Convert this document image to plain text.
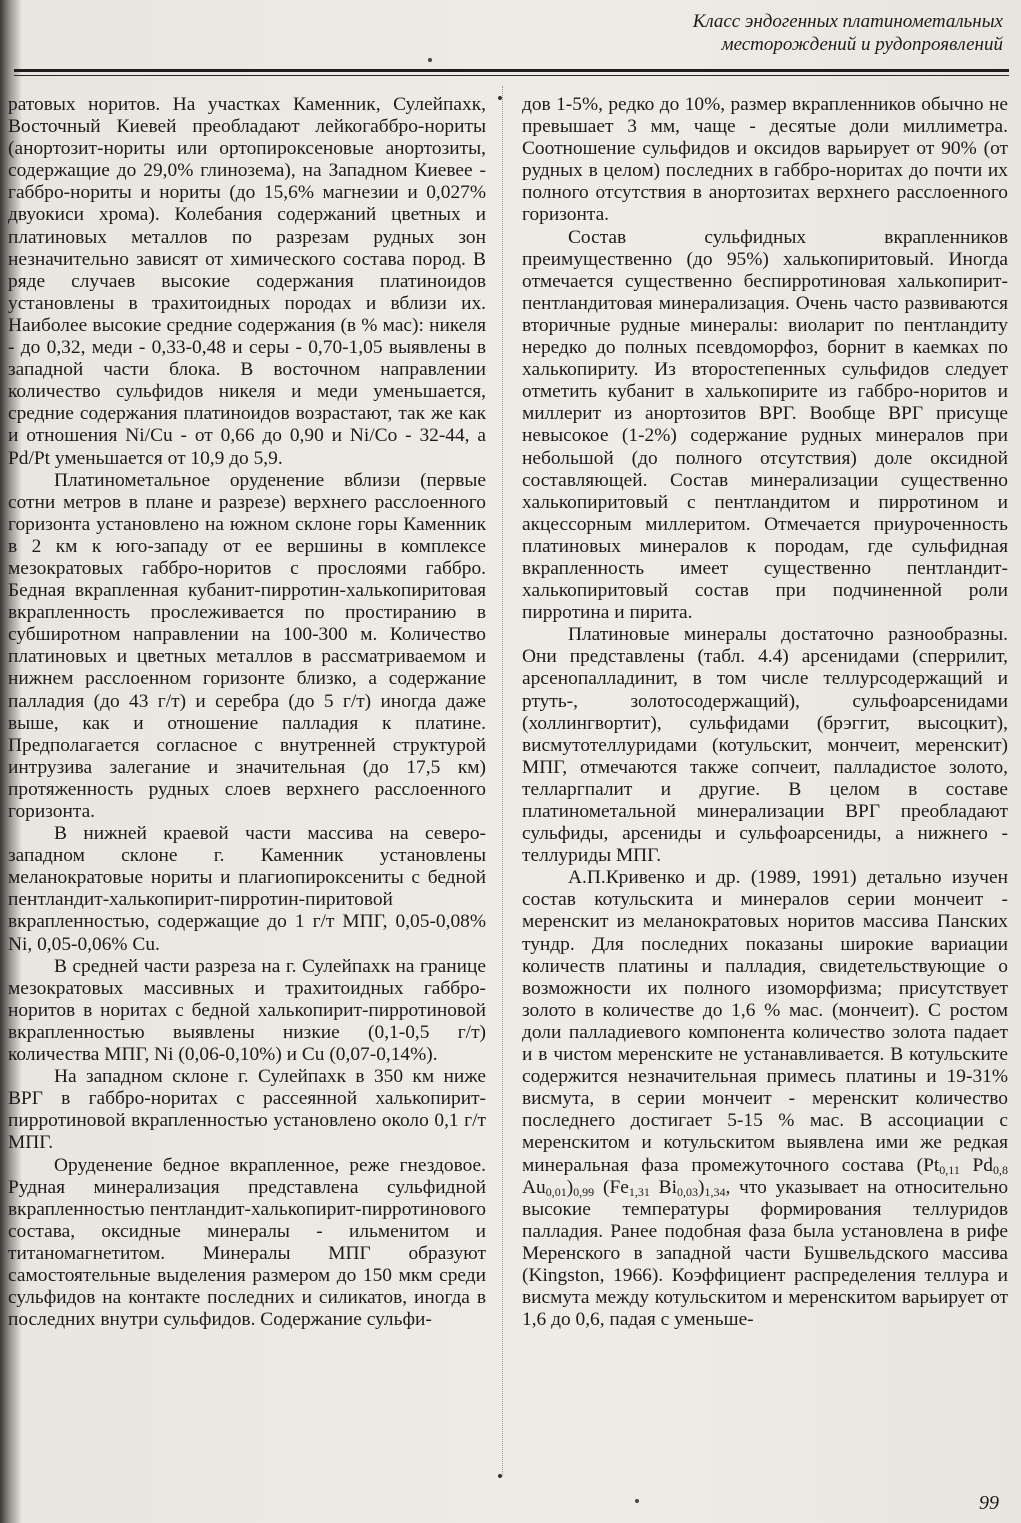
Класс эндогенных платинометальных
месторождений и рудопроявлений

ратовых норитов. На участках Каменник, Сулейпахк, Восточный Киевей преобладают лейкогаббро-нориты (анортозит-нориты или ортопироксеновые анортозиты, содержащие до 29,0% глинозема), на Западном Киевее - габбро-нориты и нориты (до 15,6% магнезии и 0,027% двуокиси хрома). Колебания содержаний цветных и платиновых металлов по разрезам рудных зон незначительно зависят от химического состава пород. В ряде случаев высокие содержания платиноидов установлены в трахитоидных породах и вблизи их. Наиболее высокие средние содержания (в % мас): никеля - до 0,32, меди - 0,33-0,48 и серы - 0,70-1,05 выявлены в западной части блока. В восточном направлении количество сульфидов никеля и меди уменьшается, средние содержания платиноидов возрастают, так же как и отношения Ni/Cu - от 0,66 до 0,90 и Ni/Co - 32-44, а Pd/Pt уменьшается от 10,9 до 5,9.

Платинометальное оруденение вблизи (первые сотни метров в плане и разрезе) верхнего расслоенного горизонта установлено на южном склоне горы Каменник в 2 км к юго-западу от ее вершины в комплексе мезократовых габбро-норитов с прослоями габбро. Бедная вкрапленная кубанит-пирротин-халькопиритовая вкрапленность прослеживается по простиранию в субширотном направлении на 100-300 м. Количество платиновых и цветных металлов в рассматриваемом и нижнем расслоенном горизонте близко, а содержание палладия (до 43 г/т) и серебра (до 5 г/т) иногда даже выше, как и отношение палладия к платине. Предполагается согласное с внутренней структурой интрузива залегание и значительная (до 17,5 км) протяженность рудных слоев верхнего расслоенного горизонта.

В нижней краевой части массива на северо-западном склоне г. Каменник установлены меланократовые нориты и плагиопироксениты с бедной пентландит-халькопирит-пирротин-пиритовой вкрапленностью, содержащие до 1 г/т МПГ, 0,05-0,08% Ni, 0,05-0,06% Cu.

В средней части разреза на г. Сулейпахк на границе мезократовых массивных и трахитоидных габбро-норитов в норитах с бедной халькопирит-пирротиновой вкрапленностью выявлены низкие (0,1-0,5 г/т) количества МПГ, Ni (0,06-0,10%) и Cu (0,07-0,14%).

На западном склоне г. Сулейпахк в 350 км ниже ВРГ в габбро-норитах с рассеянной халькопирит-пирротиновой вкрапленностью установлено около 0,1 г/т МПГ.

Оруденение бедное вкрапленное, реже гнездовое. Рудная минерализация представлена сульфидной вкрапленностью пентландит-халькопирит-пирротинового состава, оксидные минералы - ильменитом и титаномагнетитом. Минералы МПГ образуют самостоятельные выделения размером до 150 мкм среди сульфидов на контакте последних и силикатов, иногда в последних внутри сульфидов. Содержание сульфи-

дов 1-5%, редко до 10%, размер вкрапленников обычно не превышает 3 мм, чаще - десятые доли миллиметра. Соотношение сульфидов и оксидов варьирует от 90% (от рудных в целом) последних в габбро-норитах до почти их полного отсутствия в анортозитах верхнего расслоенного горизонта.

Состав сульфидных вкрапленников преимущественно (до 95%) халькопиритовый. Иногда отмечается существенно беспирротиновая халькопирит-пентландитовая минерализация. Очень часто развиваются вторичные рудные минералы: виоларит по пентландиту нередко до полных псевдоморфоз, борнит в каемках по халькопириту. Из второстепенных сульфидов следует отметить кубанит в халькопирите из габбро-норитов и миллерит из анортозитов ВРГ. Вообще ВРГ присуще невысокое (1-2%) содержание рудных минералов при небольшой (до полного отсутствия) доле оксидной составляющей. Состав минерализации существенно халькопиритовый с пентландитом и пирротином и акцессорным миллеритом. Отмечается приуроченность платиновых минералов к породам, где сульфидная вкрапленность имеет существенно пентландит-халькопиритовый состав при подчиненной роли пирротина и пирита.

Платиновые минералы достаточно разнообразны. Они представлены (табл. 4.4) арсенидами (сперрилит, арсенопалладинит, в том числе теллурсодержащий и ртуть-, золотосодержащий), сульфоарсенидами (холлингвортит), сульфидами (брэггит, высоцкит), висмутотеллуридами (котульскит, мончеит, меренскит) МПГ, отмечаются также сопчеит, палладистое золото, телларгпалит и другие. В целом в составе платинометальной минерализации ВРГ преобладают сульфиды, арсениды и сульфоарсениды, а нижнего - теллуриды МПГ.

А.П.Кривенко и др. (1989, 1991) детально изучен состав котульскита и минералов серии мончеит - меренскит из меланократовых норитов массива Панских тундр. Для последних показаны широкие вариации количеств платины и палладия, свидетельствующие о возможности их полного изоморфизма; присутствует золото в количестве до 1,6 % мас. (мончеит). С ростом доли палладиевого компонента количество золота падает и в чистом меренските не устанавливается. В котульските содержится незначительная примесь платины и 19-31% висмута, в серии мончеит - меренскит количество последнего достигает 5-15 % мас. В ассоциации с меренскитом и котульскитом выявлена ими же редкая минеральная фаза промежуточного состава ($Pt_{0,11}$ $Pd_{0,8}$ $Au_{0,01})_{0,99}$ ($Fe_{1,31}$ $Bi_{0,03})_{1,34}$, что указывает на относительно высокие температуры формирования теллуридов палладия. Ранее подобная фаза была установлена в рифе Меренского в западной части Бушвельдского массива (Kingston, 1966). Коэффициент распределения теллура и висмута между котульскитом и меренскитом варьирует от 1,6 до 0,6, падая с уменьше-

99
